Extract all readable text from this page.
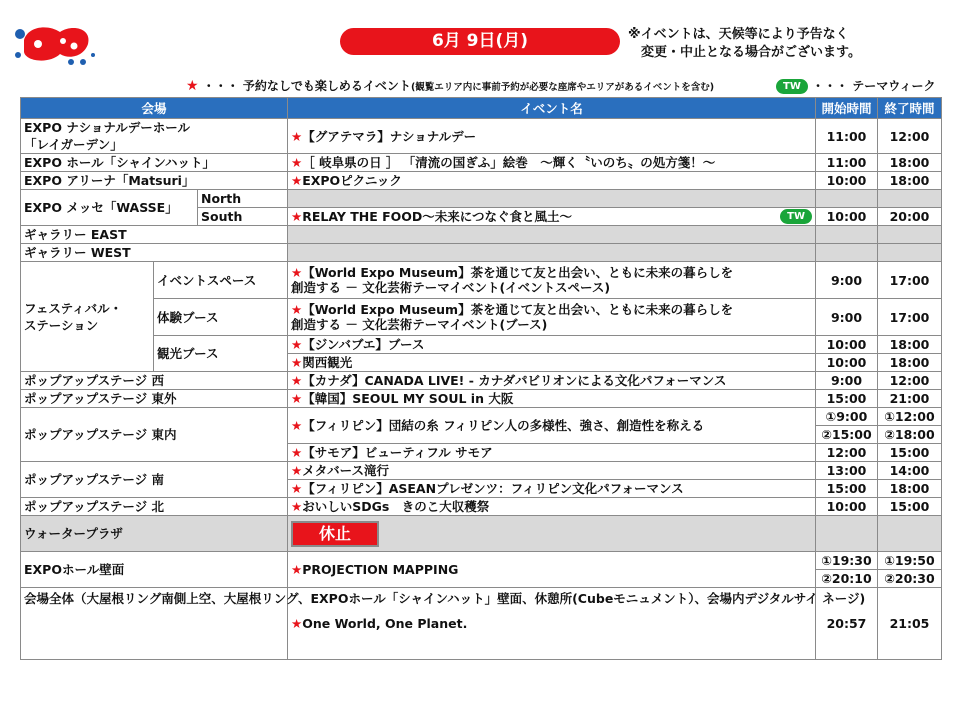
6月 9日(月)	※イベントは、天候等により予告なく
　変更・中止となる場合がございます。
★ ・・・ 予約なしでも楽しめるイベント(観覧エリア内に事前予約が必要な座席やエリアがあるイベントを含む)	TW ・・・ テーマウィーク
会場			イベント名	開始時間	終了時間
EXPO ナショナルデーホール
「レイガーデン」			★【グアテマラ】ナショナルデー	11:00	12:00
EXPO ホール「シャインハット」			★［ 岐阜県の日 ］ 「清流の国ぎふ」絵巻　～輝く〝いのち〟の処方箋！～	11:00	18:00
EXPO アリーナ「Matsuri」			★EXPOピクニック	10:00	18:00
EXPO メッセ「WASSE」		North			
		South	★RELAY THE FOOD～未来につなぐ食と風土～ TW	10:00	20:00
ギャラリー EAST					
ギャラリー WEST					
フェスティバル・
ステーション	イベントスペース		★【World Expo Museum】茶を通じて友と出会い、ともに未来の暮らしを
創造する － 文化芸術テーマイベント(イベントスペース)	9:00	17:00
	体験ブース		★【World Expo Museum】茶を通じて友と出会い、ともに未来の暮らしを
創造する － 文化芸術テーマイベント(ブース)	9:00	17:00
	観光ブース		★【ジンバブエ】ブース	10:00	18:00
			★関西観光	10:00	18:00
ポップアップステージ 西			★【カナダ】CANADA LIVE! - カナダパビリオンによる文化パフォーマンス	9:00	12:00
ポップアップステージ 東外			★【韓国】SEOUL MY SOUL in 大阪	15:00	21:00
ポップアップステージ 東内			★【フィリピン】団結の糸 フィリピン人の多様性、強さ、創造性を称える	①9:00	①12:00
				②15:00	②18:00
			★【サモア】ビューティフル サモア	12:00	15:00
ポップアップステージ 南			★メタバース滝行	13:00	14:00
			★【フィリピン】ASEANプレゼンツ：フィリピン文化パフォーマンス	15:00	18:00
ポップアップステージ 北			★おいしいSDGs　きのこ大収穫祭	10:00	15:00
ウォータープラザ			休止		
EXPOホール壁面			★PROJECTION MAPPING	①19:30	①19:50
				②20:10	②20:30
会場全体（大屋根リング南側上空、大屋根リング、EXPOホール「シャインハット」壁面、休憩所(Cubeモニュメント）、会場内デジタルサイ ネージ)			★One World, One Planet.	20:57	21:05
